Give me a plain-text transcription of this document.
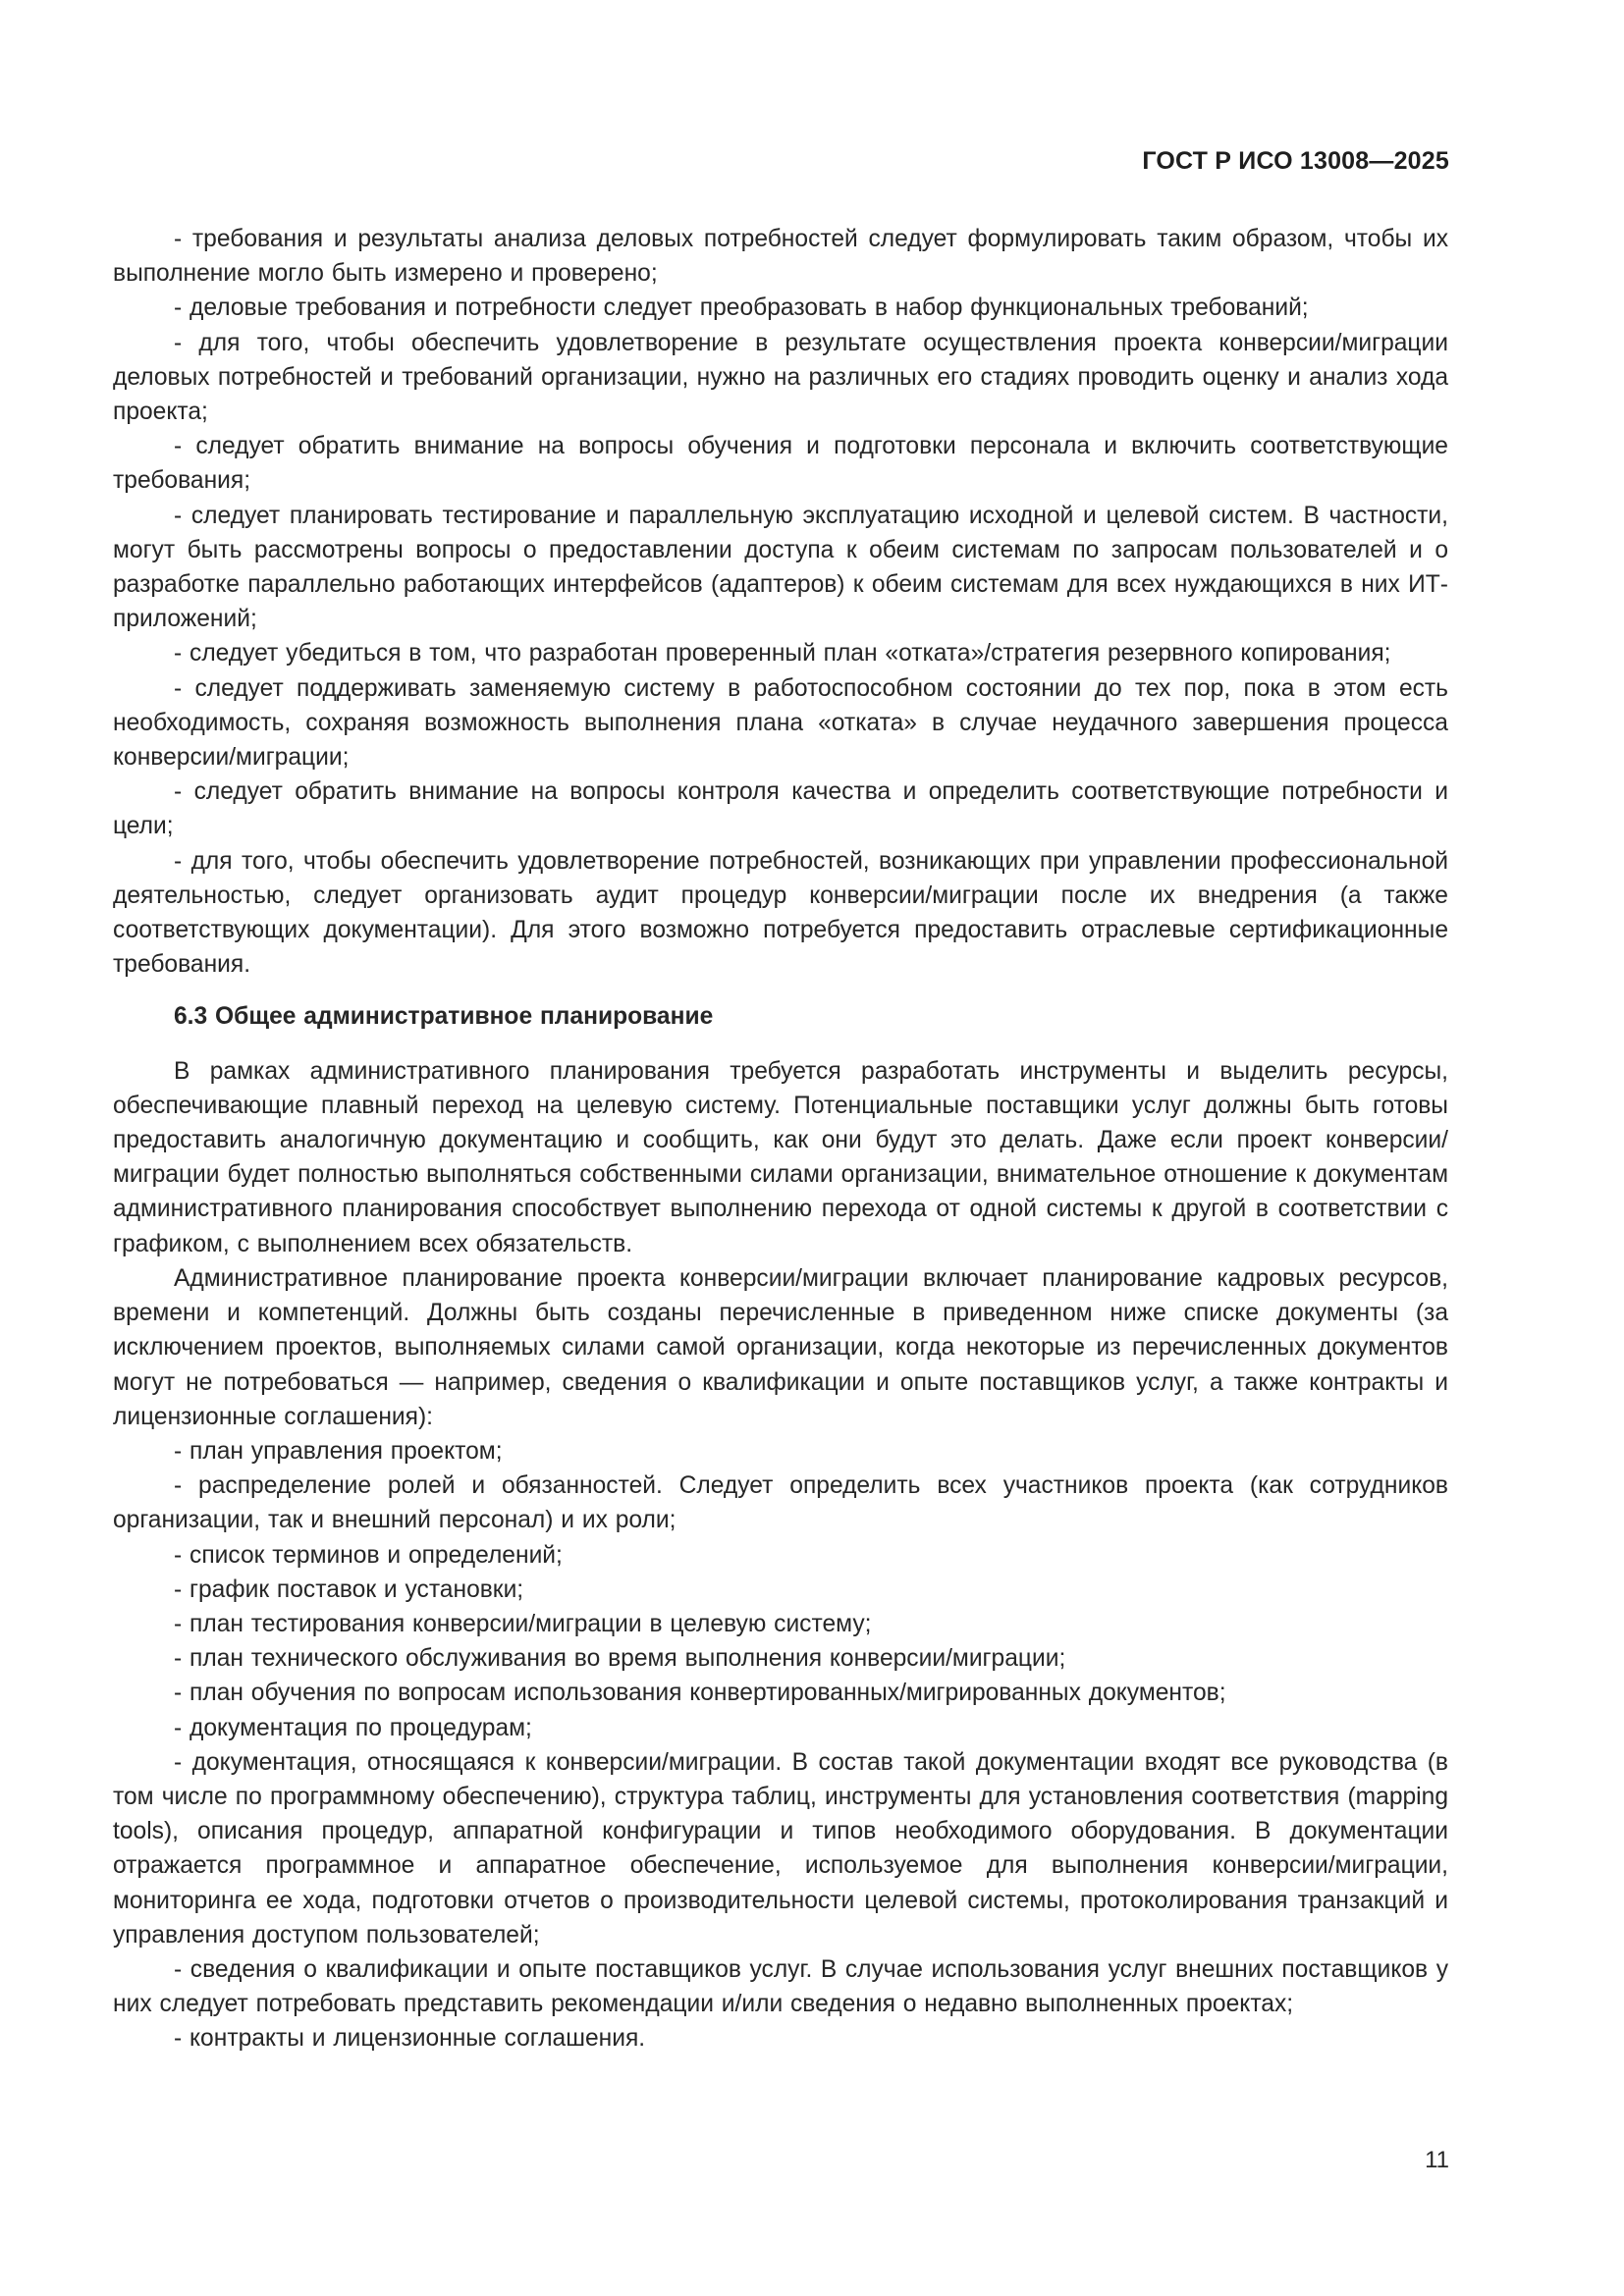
ГОСТ Р ИСО 13008—2025

- требования и результаты анализа деловых потребностей следует формулировать таким образом, чтобы их выполнение могло быть измерено и проверено;

- деловые требования и потребности следует преобразовать в набор функциональных требований;

- для того, чтобы обеспечить удовлетворение в результате осуществления проекта конверсии/миграции деловых потребностей и требований организации, нужно на различных его стадиях проводить оценку и анализ хода проекта;

- следует обратить внимание на вопросы обучения и подготовки персонала и включить соответствующие требования;

- следует планировать тестирование и параллельную эксплуатацию исходной и целевой систем. В частности, могут быть рассмотрены вопросы о предоставлении доступа к обеим системам по запросам пользователей и о разработке параллельно работающих интерфейсов (адаптеров) к обеим системам для всех нуждающихся в них ИТ-приложений;

- следует убедиться в том, что разработан проверенный план «отката»/стратегия резервного копирования;

- следует поддерживать заменяемую систему в работоспособном состоянии до тех пор, пока в этом есть необходимость, сохраняя возможность выполнения плана «отката» в случае неудачного завершения процесса конверсии/миграции;

- следует обратить внимание на вопросы контроля качества и определить соответствующие потребности и цели;

- для того, чтобы обеспечить удовлетворение потребностей, возникающих при управлении профессиональной деятельностью, следует организовать аудит процедур конверсии/миграции после их внедрения (а также соответствующих документации). Для этого возможно потребуется предоставить отраслевые сертификационные требования.

6.3 Общее административное планирование

В рамках административного планирования требуется разработать инструменты и выделить ресурсы, обеспечивающие плавный переход на целевую систему. Потенциальные поставщики услуг должны быть готовы предоставить аналогичную документацию и сообщить, как они будут это делать. Даже если проект конверсии/миграции будет полностью выполняться собственными силами организации, внимательное отношение к документам административного планирования способствует выполнению перехода от одной системы к другой в соответствии с графиком, с выполнением всех обязательств.

Административное планирование проекта конверсии/миграции включает планирование кадровых ресурсов, времени и компетенций. Должны быть созданы перечисленные в приведенном ниже списке документы (за исключением проектов, выполняемых силами самой организации, когда некоторые из перечисленных документов могут не потребоваться — например, сведения о квалификации и опыте поставщиков услуг, а также контракты и лицензионные соглашения):

- план управления проектом;

- распределение ролей и обязанностей. Следует определить всех участников проекта (как сотрудников организации, так и внешний персонал) и их роли;

- список терминов и определений;

- график поставок и установки;

- план тестирования конверсии/миграции в целевую систему;

- план технического обслуживания во время выполнения конверсии/миграции;

- план обучения по вопросам использования конвертированных/мигрированных документов;

- документация по процедурам;

- документация, относящаяся к конверсии/миграции. В состав такой документации входят все руководства (в том числе по программному обеспечению), структура таблиц, инструменты для установления соответствия (mapping tools), описания процедур, аппаратной конфигурации и типов необходимого оборудования. В документации отражается программное и аппаратное обеспечение, используемое для выполнения конверсии/миграции, мониторинга ее хода, подготовки отчетов о производительности целевой системы, протоколирования транзакций и управления доступом пользователей;

- сведения о квалификации и опыте поставщиков услуг. В случае использования услуг внешних поставщиков у них следует потребовать представить рекомендации и/или сведения о недавно выполненных проектах;

- контракты и лицензионные соглашения.

11
